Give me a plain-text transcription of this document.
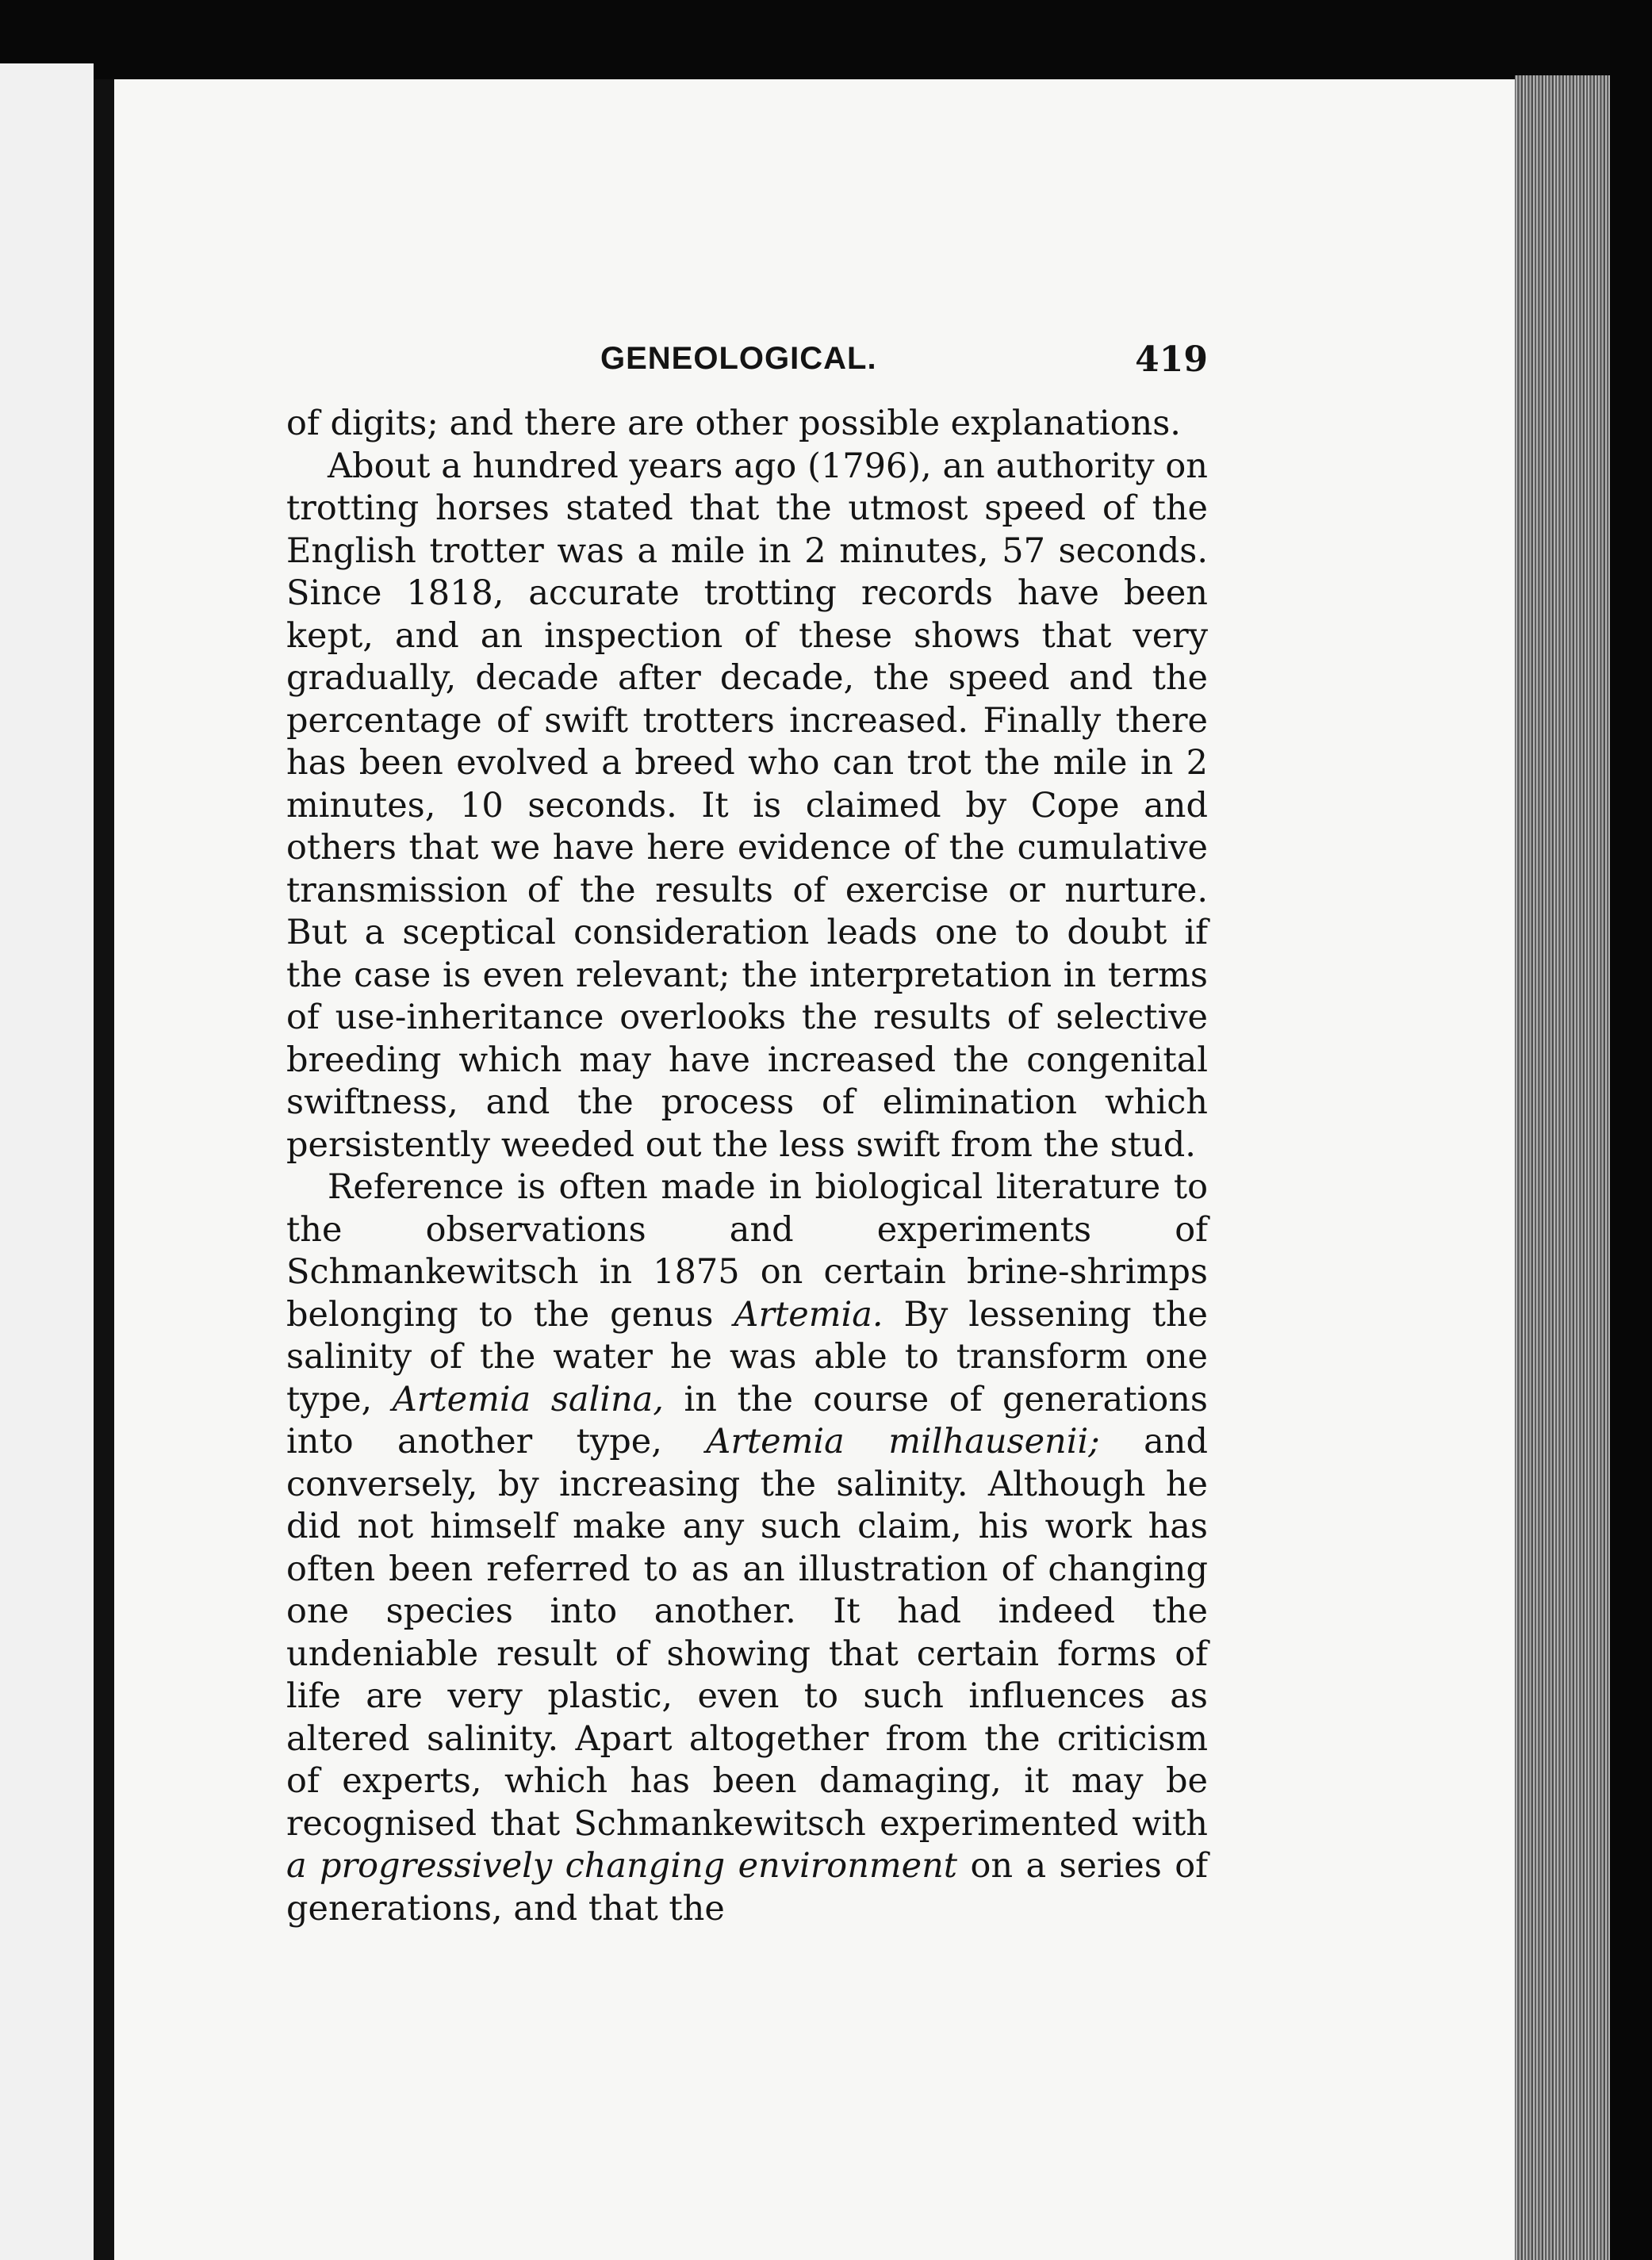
GENEOLOGICAL.	419

of digits; and there are other possible explanations.

About a hundred years ago (1796), an authority on trotting horses stated that the utmost speed of the English trotter was a mile in 2 minutes, 57 seconds. Since 1818, accurate trotting records have been kept, and an inspection of these shows that very gradually, decade after decade, the speed and the percentage of swift trotters increased. Finally there has been evolved a breed who can trot the mile in 2 minutes, 10 seconds. It is claimed by Cope and others that we have here evidence of the cumulative transmission of the results of exercise or nurture. But a sceptical consideration leads one to doubt if the case is even relevant; the interpretation in terms of use-inheritance overlooks the results of selective breeding which may have increased the congenital swiftness, and the process of elimination which persistently weeded out the less swift from the stud.

Reference is often made in biological literature to the observations and experiments of Schmankewitsch in 1875 on certain brine-shrimps belonging to the genus Artemia. By lessening the salinity of the water he was able to transform one type, Artemia salina, in the course of generations into another type, Artemia milhausenii; and conversely, by increasing the salinity. Although he did not himself make any such claim, his work has often been referred to as an illustration of changing one species into another. It had indeed the undeniable result of showing that certain forms of life are very plastic, even to such influences as altered salinity. Apart altogether from the criticism of experts, which has been damaging, it may be recognised that Schmankewitsch experimented with a progressively changing environment on a series of generations, and that the
